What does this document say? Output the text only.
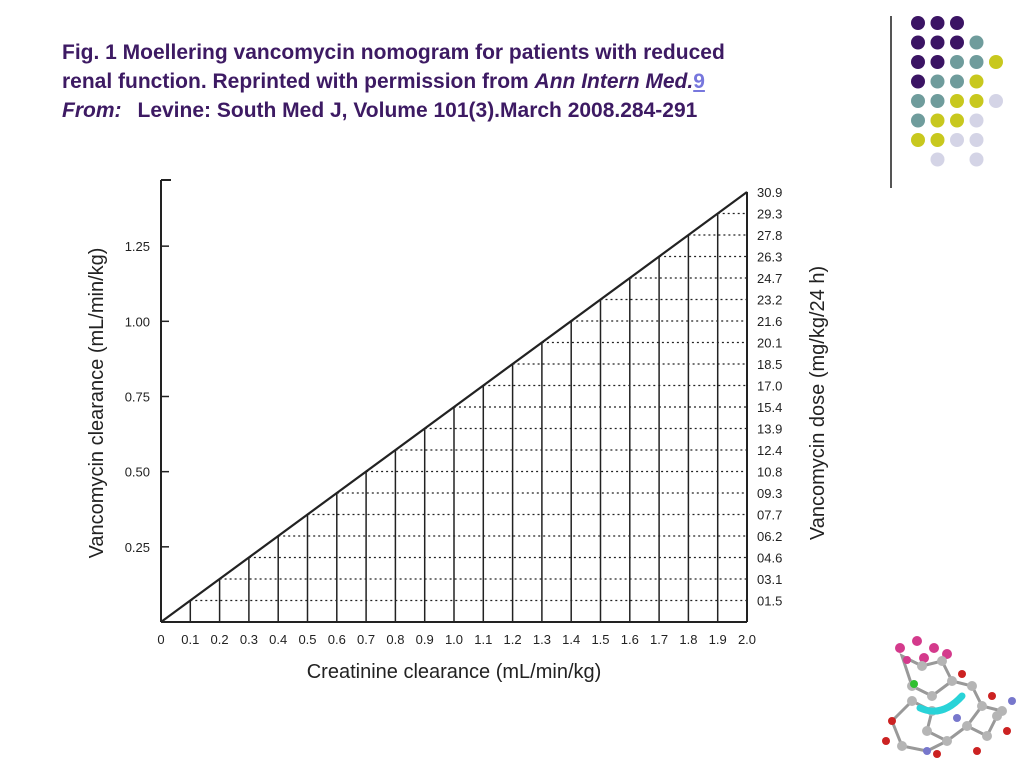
Fig. 1 Moellering vancomycin nomogram for patients with reduced
renal function. Reprinted with permission from Ann Intern Med.9
From: Levine: South Med J, Volume 101(3).March 2008.284-291
01.5
03.1
04.6
06.2
07.7
09.3
10.8
12.4
13.9
15.4
17.0
18.5
20.1
21.6
23.2
24.7
26.3
27.8
29.3
30.9
0 0.1 0.2 0.3 0.4 0.5 0.6 0.7 0.8 0.9 1.0 1.1 1.2 1.3 1.4 1.5 1.6 1.7 1.8 1.9 2.0
0.25
0.50
0.75
1.00
1.25
Creatinine clearance (mL/min/kg)
Vancomycin clearance (mL/min/kg)	Vancomycin dose (mg/kg/24 h)
